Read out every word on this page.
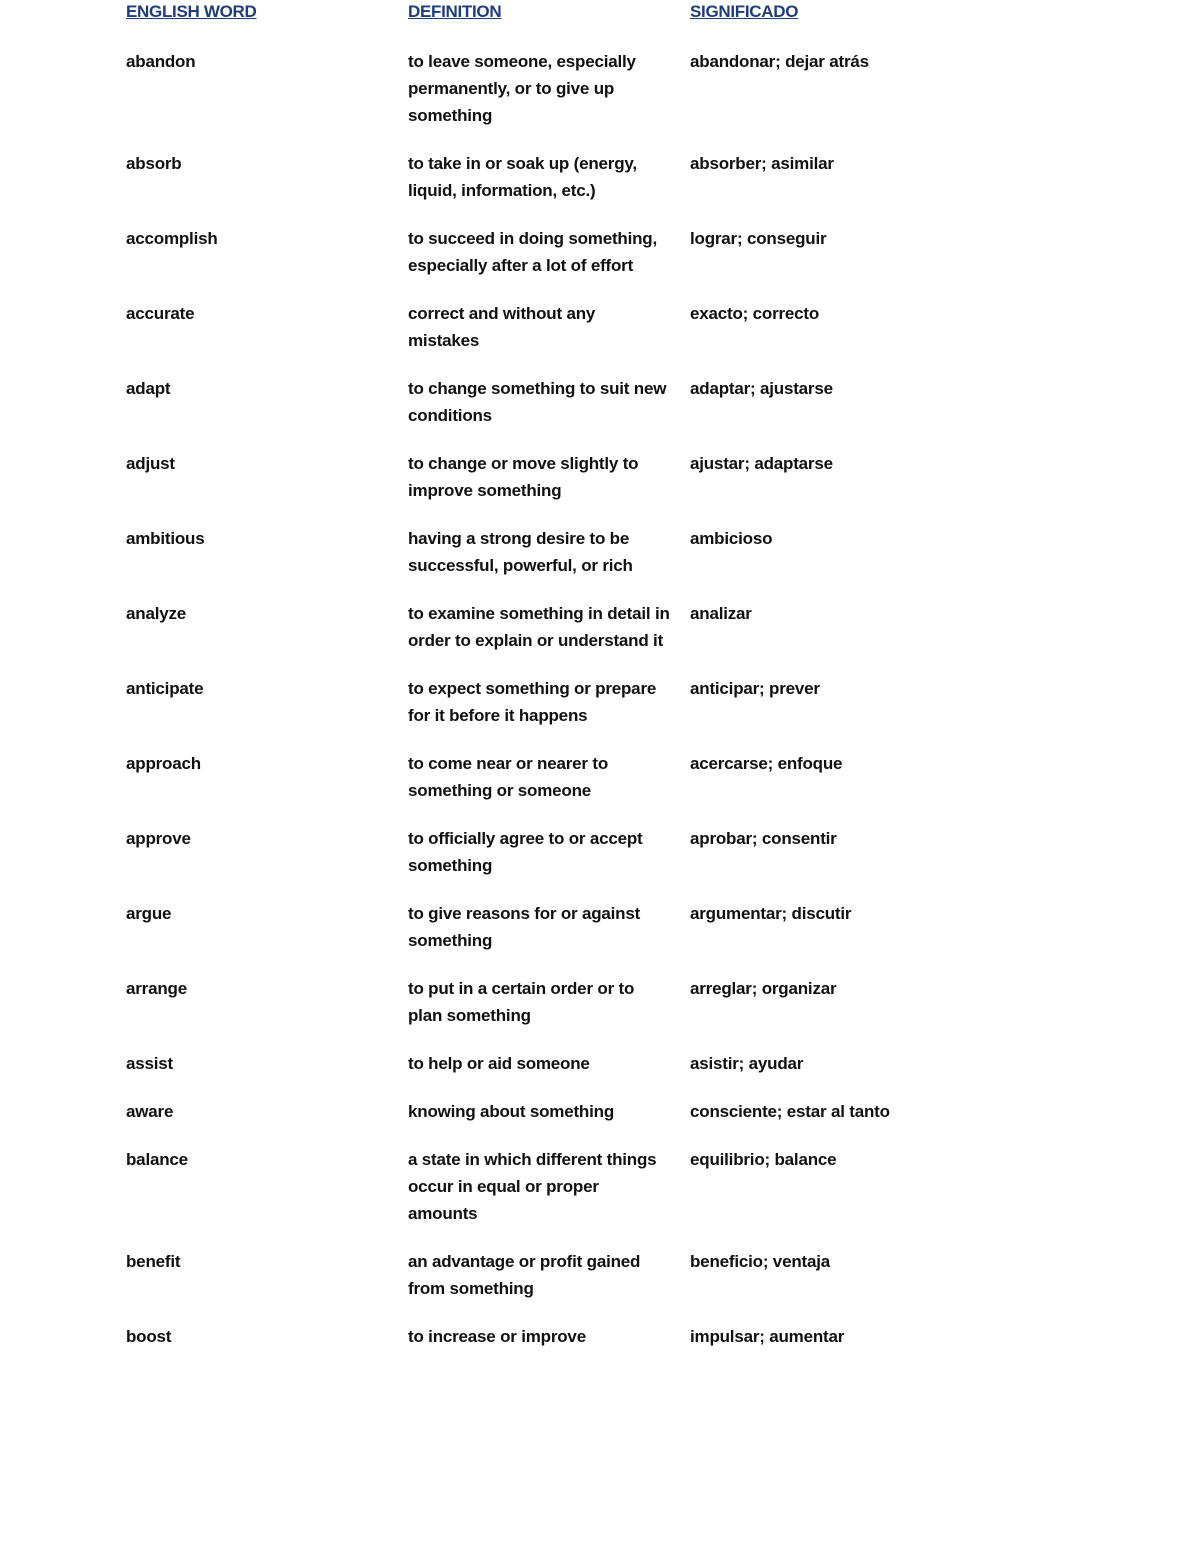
ENGLISH WORD	DEFINITION	SIGNIFICADO
abandon	to leave someone, especially permanently, or to give up something	abandonar; dejar atrás
absorb	to take in or soak up (energy, liquid, information, etc.)	absorber; asimilar
accomplish	to succeed in doing something, especially after a lot of effort	lograr; conseguir
accurate	correct and without any mistakes	exacto; correcto
adapt	to change something to suit new conditions	adaptar; ajustarse
adjust	to change or move slightly to improve something	ajustar; adaptarse
ambitious	having a strong desire to be successful, powerful, or rich	ambicioso
analyze	to examine something in detail in order to explain or understand it	analizar
anticipate	to expect something or prepare for it before it happens	anticipar; prever
approach	to come near or nearer to something or someone	acercarse; enfoque
approve	to officially agree to or accept something	aprobar; consentir
argue	to give reasons for or against something	argumentar; discutir
arrange	to put in a certain order or to plan something	arreglar; organizar
assist	to help or aid someone	asistir; ayudar
aware	knowing about something	consciente; estar al tanto
balance	a state in which different things occur in equal or proper amounts	equilibrio; balance
benefit	an advantage or profit gained from something	beneficio; ventaja
boost	to increase or improve	impulsar; aumentar
